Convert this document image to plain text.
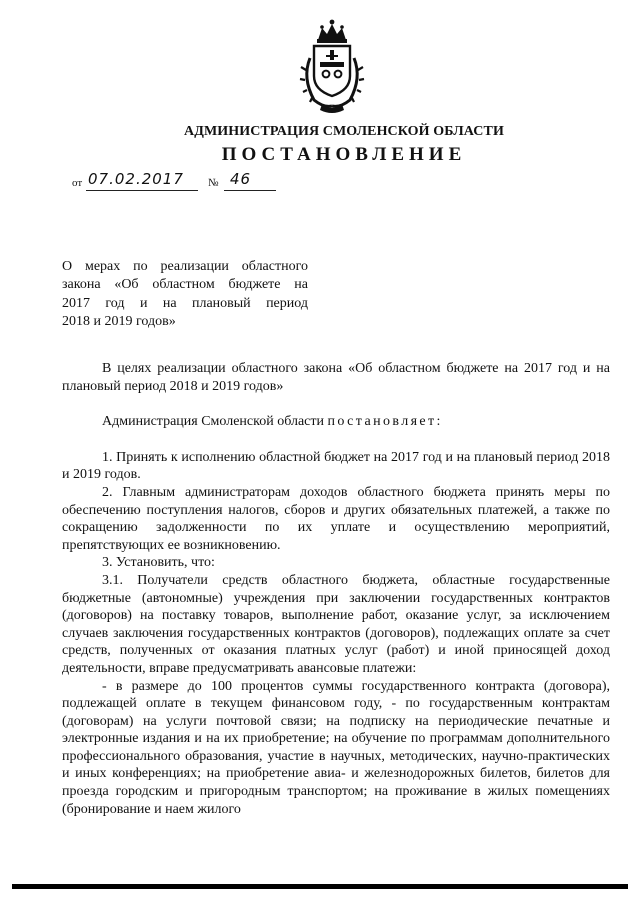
АДМИНИСТРАЦИЯ СМОЛЕНСКОЙ ОБЛАСТИ
ПОСТАНОВЛЕНИЕ
от 07.02.2017 № 46
О мерах по реализации областного
закона «Об областном бюджете на
2017 год и на плановый период
2018 и 2019 годов»

В целях реализации областного закона «Об областном бюджете на 2017 год и на плановый период 2018 и 2019 годов»

Администрация Смоленской области постановляет:

1. Принять к исполнению областной бюджет на 2017 год и на плановый период 2018 и 2019 годов.

2. Главным администраторам доходов областного бюджета принять меры по обеспечению поступления налогов, сборов и других обязательных платежей, а также по сокращению задолженности по их уплате и осуществлению мероприятий, препятствующих ее возникновению.

3. Установить, что:

3.1. Получатели средств областного бюджета, областные государственные бюджетные (автономные) учреждения при заключении государственных контрактов (договоров) на поставку товаров, выполнение работ, оказание услуг, за исключением случаев заключения государственных контрактов (договоров), подлежащих оплате за счет средств, полученных от оказания платных услуг (работ) и иной приносящей доход деятельности, вправе предусматривать авансовые платежи:

- в размере до 100 процентов суммы государственного контракта (договора), подлежащей оплате в текущем финансовом году, - по государственным контрактам (договорам) на услуги почтовой связи; на подписку на периодические печатные и электронные издания и на их приобретение; на обучение по программам дополнительного профессионального образования, участие в научных, методических, научно-практических и иных конференциях; на приобретение авиа- и железнодорожных билетов, билетов для проезда городским и пригородным транспортом; на проживание в жилых помещениях (бронирование и наем жилого
